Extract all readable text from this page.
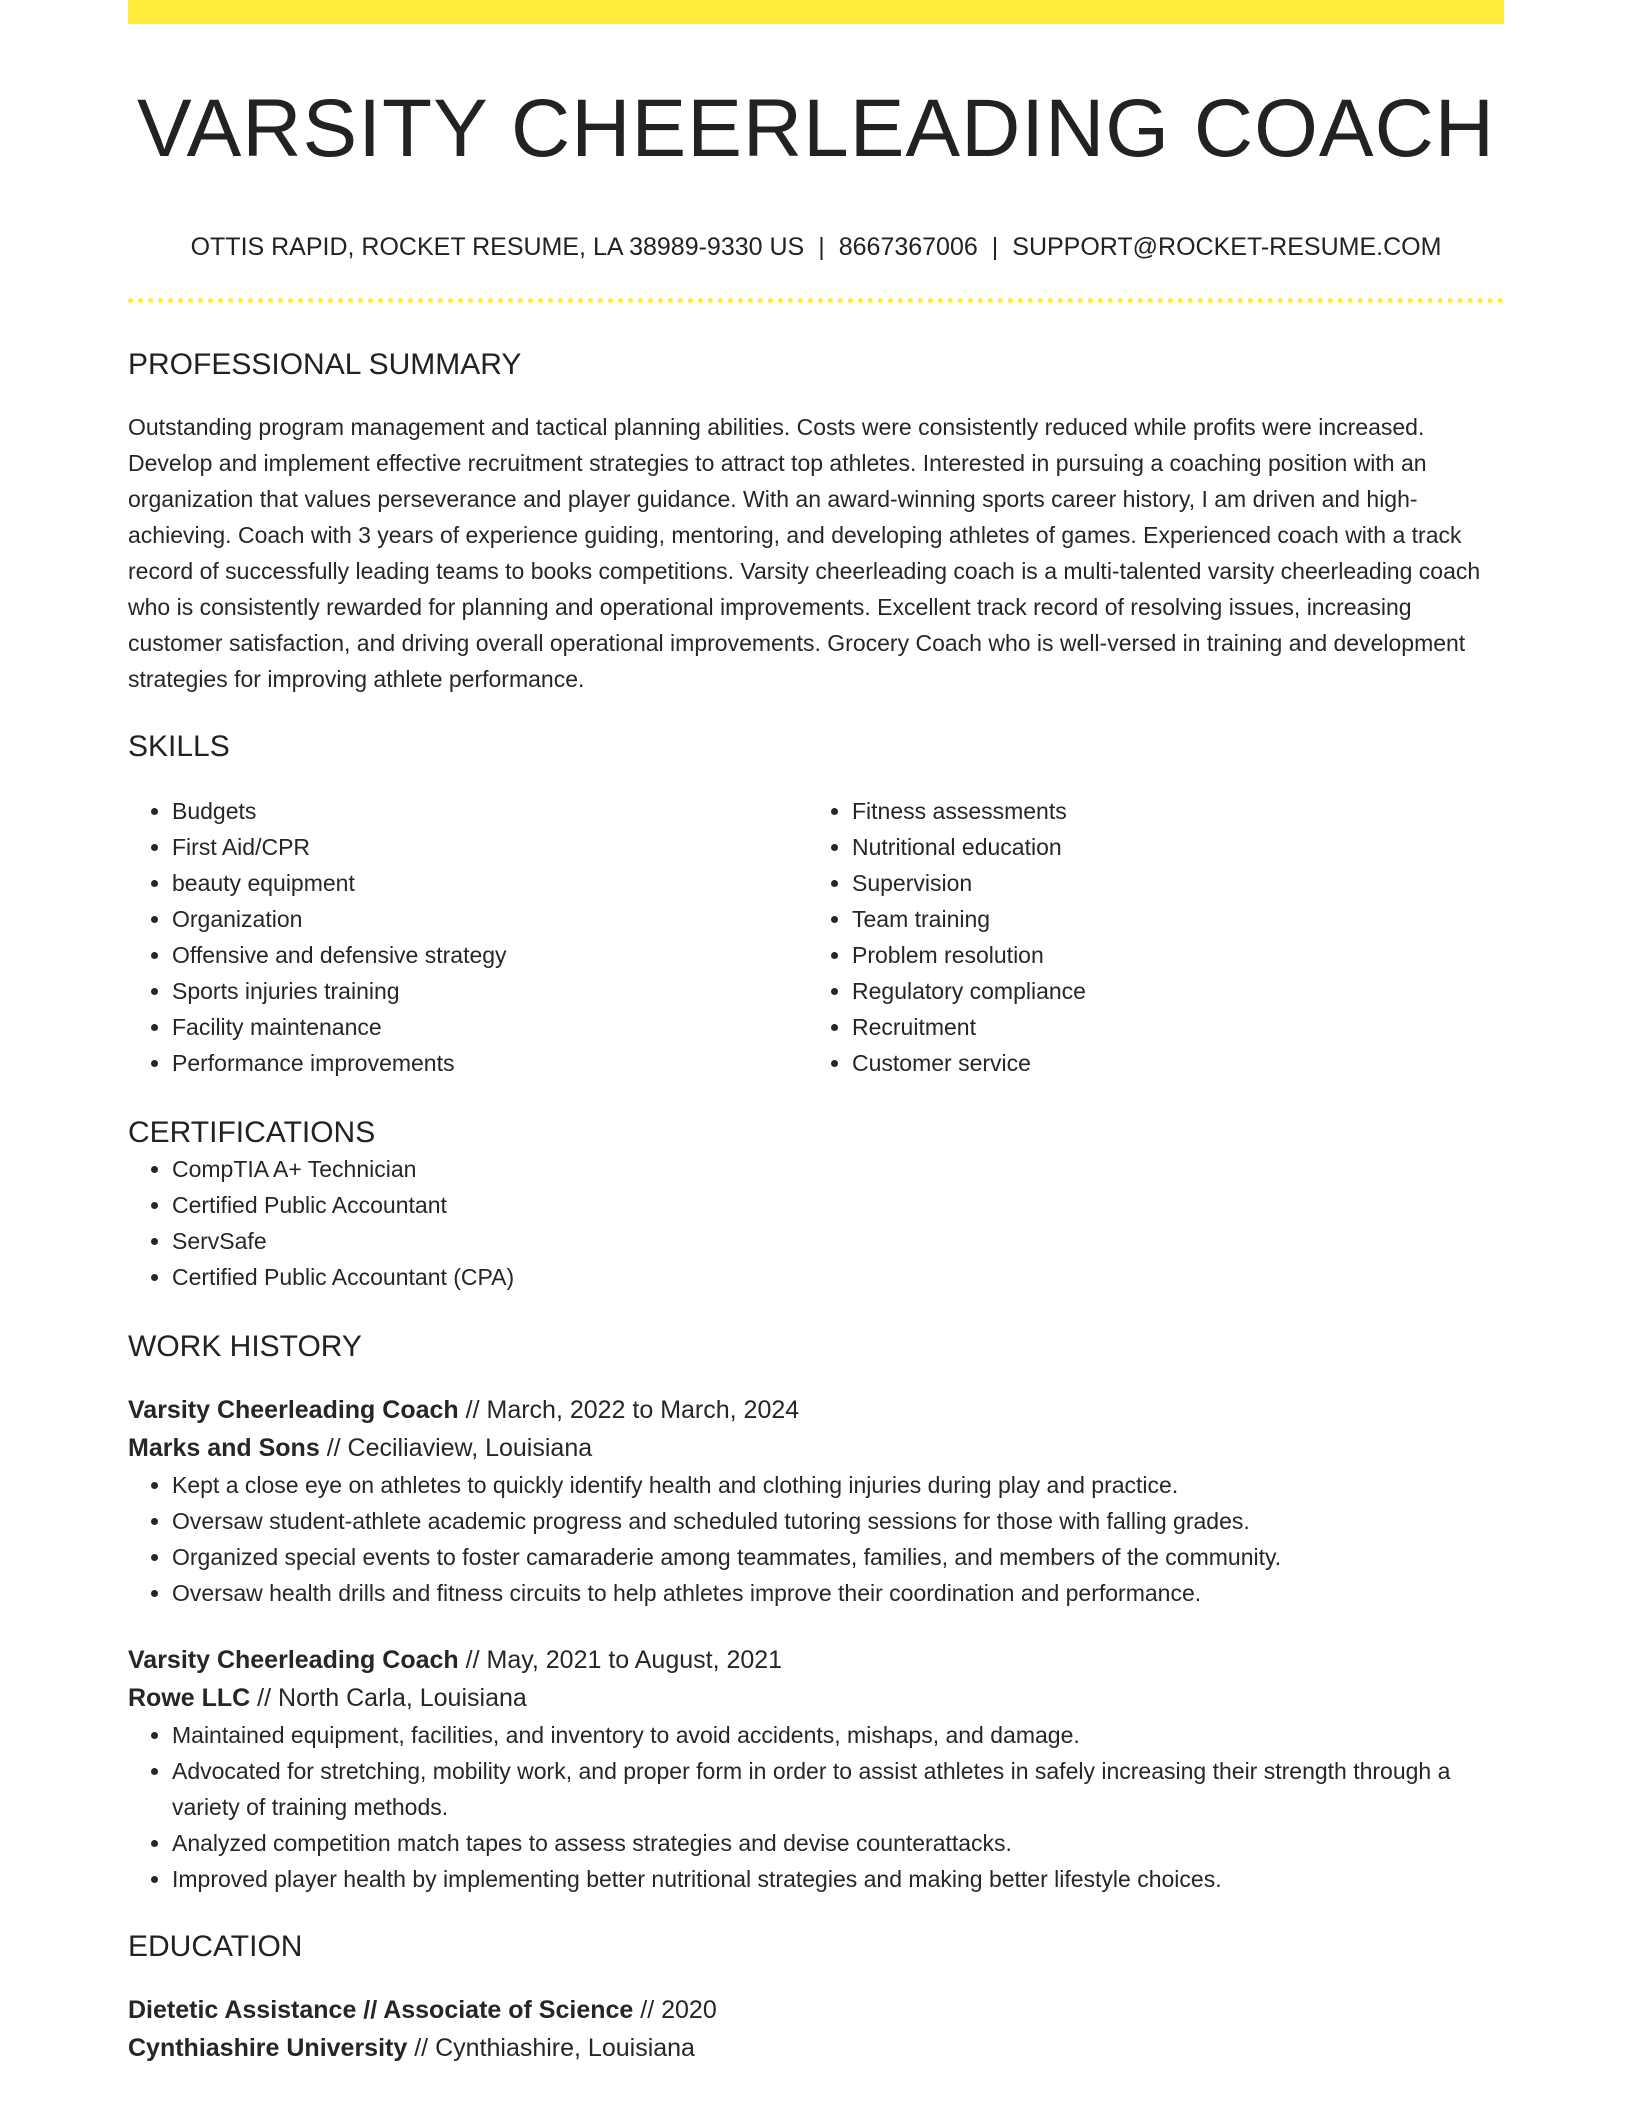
VARSITY CHEERLEADING COACH
OTTIS RAPID, ROCKET RESUME, LA 38989-9330 US | 8667367006 | SUPPORT@ROCKET-RESUME.COM
PROFESSIONAL SUMMARY

Outstanding program management and tactical planning abilities. Costs were consistently reduced while profits were increased. Develop and implement effective recruitment strategies to attract top athletes. Interested in pursuing a coaching position with an organization that values perseverance and player guidance. With an award-winning sports career history, I am driven and high-achieving. Coach with 3 years of experience guiding, mentoring, and developing athletes of games. Experienced coach with a track record of successfully leading teams to books competitions. Varsity cheerleading coach is a multi-talented varsity cheerleading coach who is consistently rewarded for planning and operational improvements. Excellent track record of resolving issues, increasing customer satisfaction, and driving overall operational improvements. Grocery Coach who is well-versed in training and development strategies for improving athlete performance.

SKILLS
• Budgets
• First Aid/CPR
• beauty equipment
• Organization
• Offensive and defensive strategy
• Sports injuries training
• Facility maintenance
• Performance improvements
• Fitness assessments
• Nutritional education
• Supervision
• Team training
• Problem resolution
• Regulatory compliance
• Recruitment
• Customer service
CERTIFICATIONS
• CompTIA A+ Technician
• Certified Public Accountant
• ServSafe
• Certified Public Accountant (CPA)
WORK HISTORY
Varsity Cheerleading Coach // March, 2022 to March, 2024
Marks and Sons // Ceciliaview, Louisiana
• Kept a close eye on athletes to quickly identify health and clothing injuries during play and practice.
• Oversaw student-athlete academic progress and scheduled tutoring sessions for those with falling grades.
• Organized special events to foster camaraderie among teammates, families, and members of the community.
• Oversaw health drills and fitness circuits to help athletes improve their coordination and performance.
Varsity Cheerleading Coach // May, 2021 to August, 2021
Rowe LLC // North Carla, Louisiana
• Maintained equipment, facilities, and inventory to avoid accidents, mishaps, and damage.
• Advocated for stretching, mobility work, and proper form in order to assist athletes in safely increasing their strength through a variety of training methods.
• Analyzed competition match tapes to assess strategies and devise counterattacks.
• Improved player health by implementing better nutritional strategies and making better lifestyle choices.
EDUCATION
Dietetic Assistance // Associate of Science // 2020
Cynthiashire University // Cynthiashire, Louisiana
